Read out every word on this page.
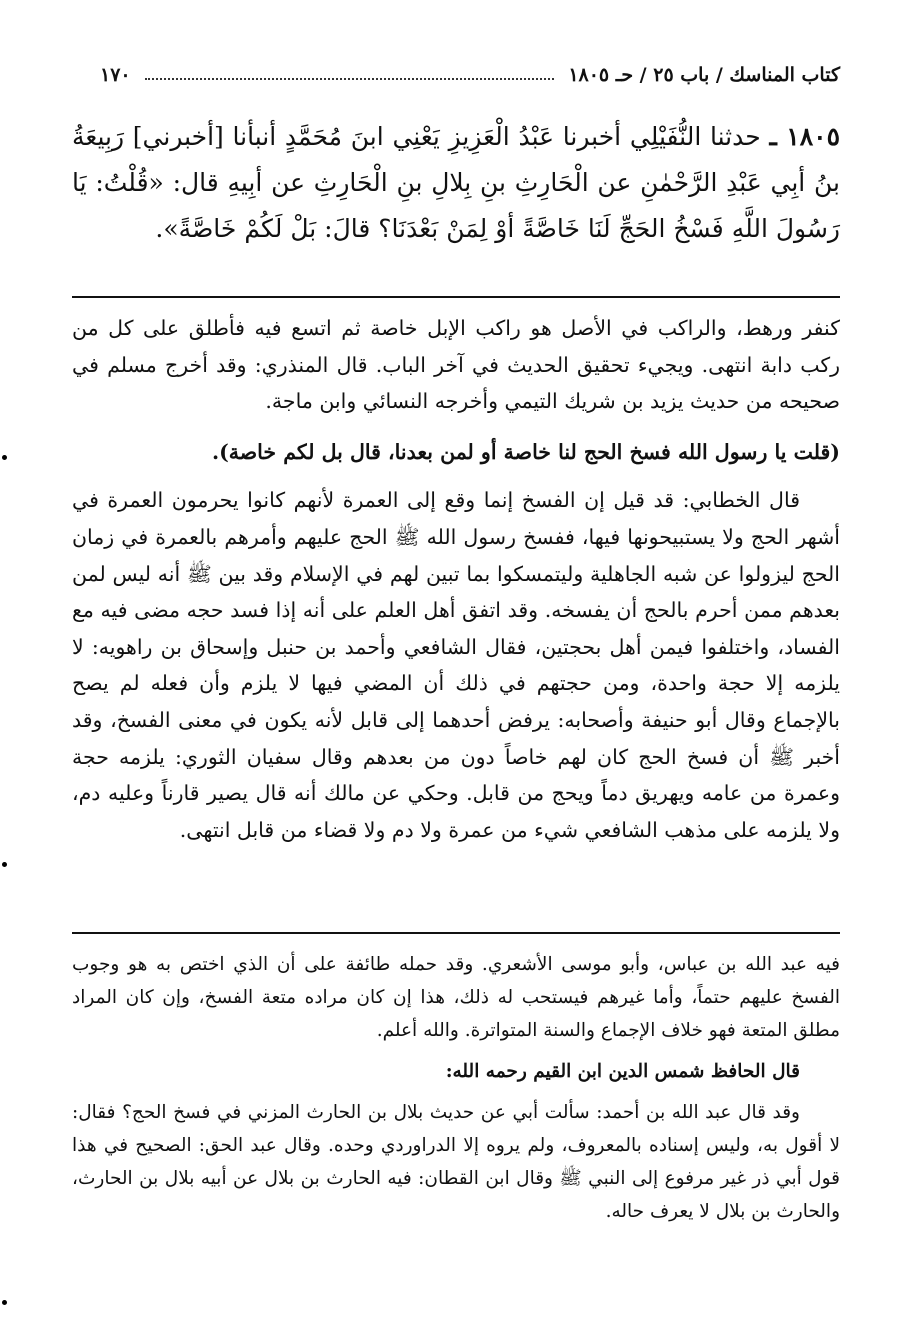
١٧٠	كتاب المناسك / باب ٢٥ / حـ ١٨٠٥
١٨٠٥ ـ حدثنا النُّفَيْلِي أخبرنا عَبْدُ الْعَزِيزِ يَعْنِي ابنَ مُحَمَّدٍ أنبأنا [أخبرني] رَبِيعَةُ بنُ أبِي عَبْدِ الرَّحْمٰنِ عن الْحَارِثِ بنِ بِلالِ بنِ الْحَارِثِ عن أبِيهِ قال: «قُلْتُ: يَا رَسُولَ اللَّهِ فَسْخُ الحَجِّ لَنَا خَاصَّةً أوْ لِمَنْ بَعْدَنَا؟ قالَ: بَلْ لَكُمْ خَاصَّةً».

كنفر ورهط، والراكب في الأصل هو راكب الإبل خاصة ثم اتسع فيه فأطلق على كل من ركب دابة انتهى. ويجيء تحقيق الحديث في آخر الباب. قال المنذري: وقد أخرج مسلم في صحيحه من حديث يزيد بن شريك التيمي وأخرجه النسائي وابن ماجة.

(قلت يا رسول الله فسخ الحج لنا خاصة أو لمن بعدنا، قال بل لكم خاصة).

قال الخطابي: قد قيل إن الفسخ إنما وقع إلى العمرة لأنهم كانوا يحرمون العمرة في أشهر الحج ولا يستبيحونها فيها، ففسخ رسول الله ﷺ الحج عليهم وأمرهم بالعمرة في زمان الحج ليزولوا عن شبه الجاهلية وليتمسكوا بما تبين لهم في الإسلام وقد بين ﷺ أنه ليس لمن بعدهم ممن أحرم بالحج أن يفسخه. وقد اتفق أهل العلم على أنه إذا فسد حجه مضى فيه مع الفساد، واختلفوا فيمن أهل بحجتين، فقال الشافعي وأحمد بن حنبل وإسحاق بن راهويه: لا يلزمه إلا حجة واحدة، ومن حجتهم في ذلك أن المضي فيها لا يلزم وأن فعله لم يصح بالإجماع وقال أبو حنيفة وأصحابه: يرفض أحدهما إلى قابل لأنه يكون في معنى الفسخ، وقد أخبر ﷺ أن فسخ الحج كان لهم خاصاً دون من بعدهم وقال سفيان الثوري: يلزمه حجة وعمرة من عامه ويهريق دماً ويحج من قابل. وحكي عن مالك أنه قال يصير قارناً وعليه دم، ولا يلزمه على مذهب الشافعي شيء من عمرة ولا دم ولا قضاء من قابل انتهى.

فيه عبد الله بن عباس، وأبو موسى الأشعري. وقد حمله طائفة على أن الذي اختص به هو وجوب الفسخ عليهم حتماً، وأما غيرهم فيستحب له ذلك، هذا إن كان مراده متعة الفسخ، وإن كان المراد مطلق المتعة فهو خلاف الإجماع والسنة المتواترة. والله أعلم.

قال الحافظ شمس الدين ابن القيم رحمه الله:

وقد قال عبد الله بن أحمد: سألت أبي عن حديث بلال بن الحارث المزني في فسخ الحج؟ فقال: لا أقول به، وليس إسناده بالمعروف، ولم يروه إلا الدراوردي وحده. وقال عبد الحق: الصحيح في هذا قول أبي ذر غير مرفوع إلى النبي ﷺ وقال ابن القطان: فيه الحارث بن بلال عن أبيه بلال بن الحارث، والحارث بن بلال لا يعرف حاله.
